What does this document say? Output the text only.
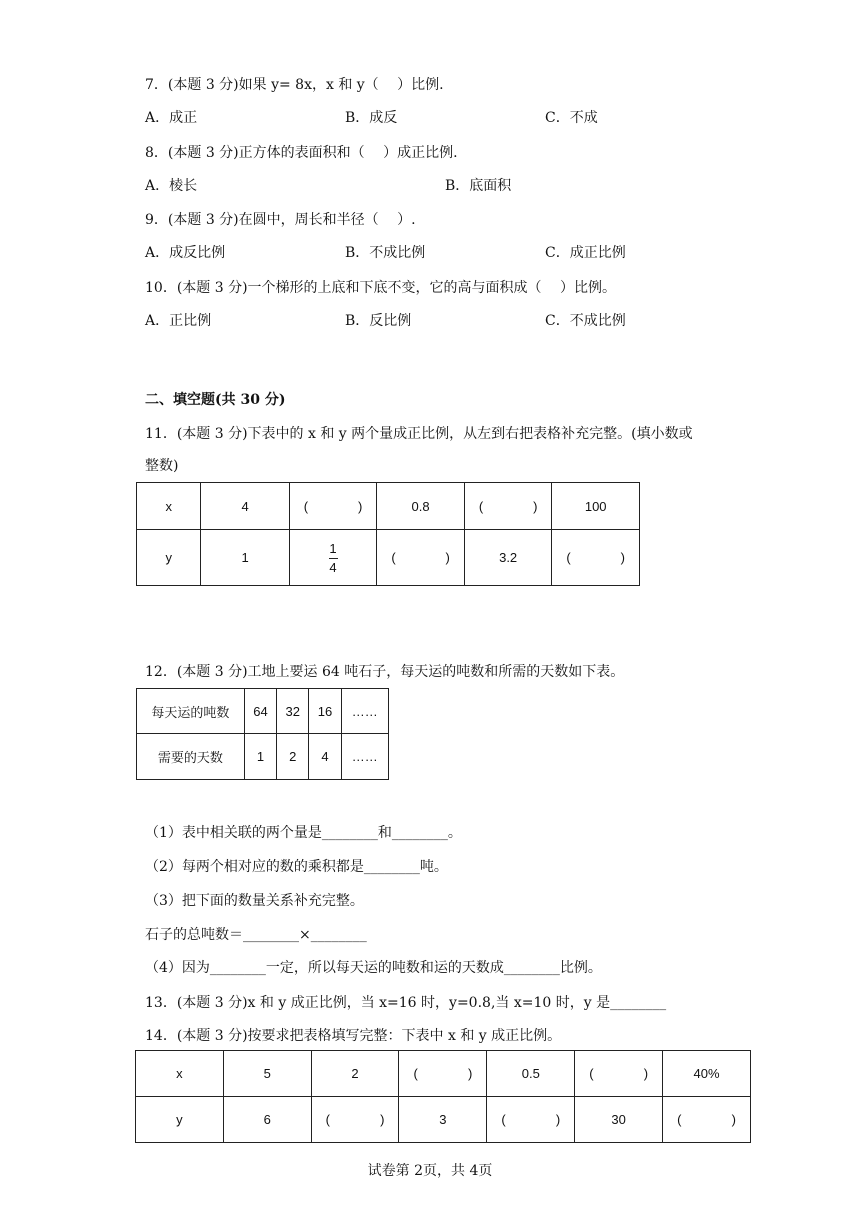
7．(本题 3 分)如果 y= 8x，x 和 y（　 ）比例.
A．成正	B．成反	C．不成
8．(本题 3 分)正方体的表面积和（　 ）成正比例.
A．棱长	B．底面积
9．(本题 3 分)在圆中，周长和半径（　 ）.
A．成反比例	B．不成比例	C．成正比例
10．(本题 3 分)一个梯形的上底和下底不变，它的高与面积成（　 ）比例。
A．正比例	B．反比例	C．不成比例
二、填空题(共 30 分)
11．(本题 3 分)下表中的 x 和 y 两个量成正比例，从左到右把表格补充完整。(填小数或
整数)
x	4	( )	0.8	( )	100
y	1	$\frac{1}{4}$	( )	3.2	( )
12．(本题 3 分)工地上要运 64 吨石子，每天运的吨数和所需的天数如下表。
每天运的吨数	64	32	16	……
需要的天数	1	2	4	……
（1）表中相关联的两个量是________和________。
（2）每两个相对应的数的乘积都是________吨。
（3）把下面的数量关系补充完整。
石子的总吨数＝________×________
（4）因为________一定，所以每天运的吨数和运的天数成________比例。
13．(本题 3 分)x 和 y 成正比例，当 x=16 时，y=0.8,当 x=10 时，y 是________
14．(本题 3 分)按要求把表格填写完整：下表中 x 和 y 成正比例。
x	5	2	( )	0.5	( )	40%
y	6	( )	3	( )	30	( )
试卷第 2页，共 4页
